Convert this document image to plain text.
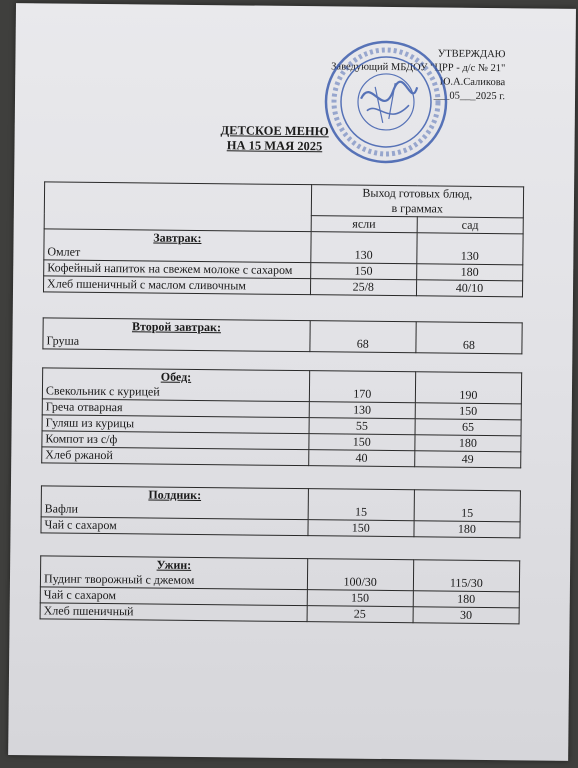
УТВЕРЖДАЮ
Заведующий МБДОУ "ЦРР - д/с № 21"
Ю.А.Саликова
___05___2025 г.
ДЕТСКОЕ МЕНЮ
НА 15 МАЯ 2025

	Выход готовых блюд,
в граммах	

	ясли	сад

Завтрак:
Омлет	130	130
Кофейный напиток на свежем молоке с сахаром	150	180
Хлеб пшеничный с маслом сливочным	25/8	40/10
Второй завтрак:
Груша	68	68
Обед:
Свекольник с курицей	170	190
Греча отварная	130	150
Гуляш из курицы	55	65
Компот из с/ф	150	180
Хлеб ржаной	40	49
Полдник:
Вафли	15	15
Чай с сахаром	150	180
Ужин:
Пудинг творожный с джемом	100/30	115/30
Чай с сахаром	150	180
Хлеб пшеничный	25	30
